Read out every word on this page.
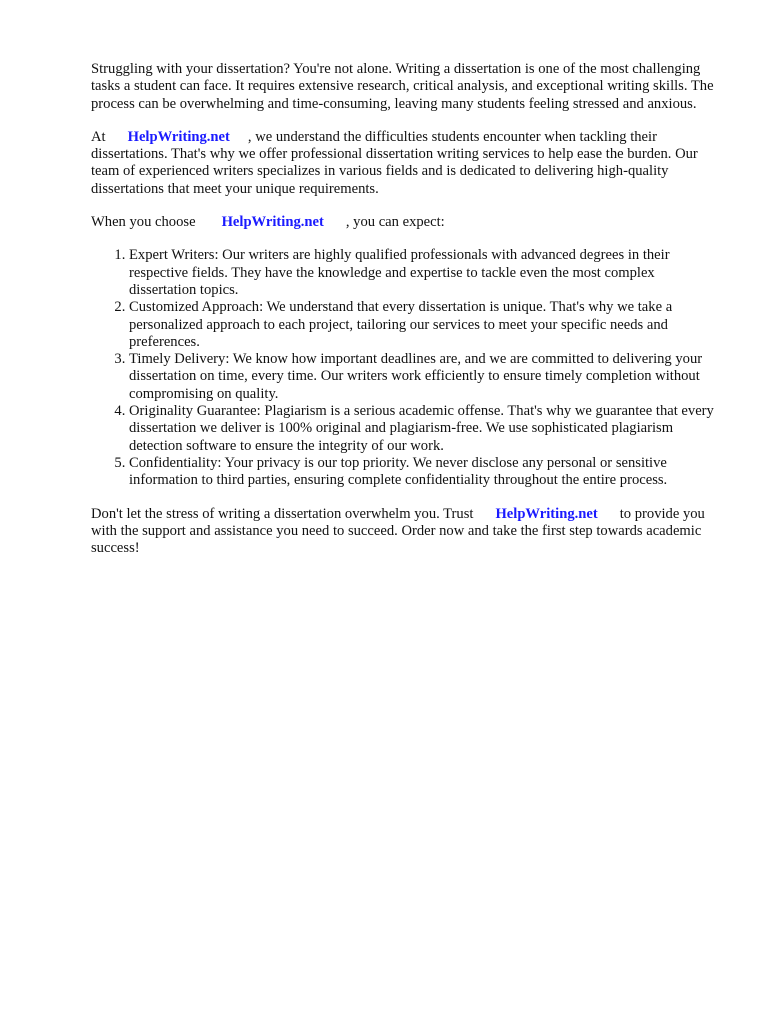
Struggling with your dissertation? You're not alone. Writing a dissertation is one of the most challenging tasks a student can face. It requires extensive research, critical analysis, and exceptional writing skills. The process can be overwhelming and time-consuming, leaving many students feeling stressed and anxious.

At HelpWriting.net , we understand the difficulties students encounter when tackling their dissertations. That's why we offer professional dissertation writing services to help ease the burden. Our team of experienced writers specializes in various fields and is dedicated to delivering high-quality dissertations that meet your unique requirements.

When you choose HelpWriting.net , you can expect:

1. Expert Writers: Our writers are highly qualified professionals with advanced degrees in their respective fields. They have the knowledge and expertise to tackle even the most complex dissertation topics.
2. Customized Approach: We understand that every dissertation is unique. That's why we take a personalized approach to each project, tailoring our services to meet your specific needs and preferences.
3. Timely Delivery: We know how important deadlines are, and we are committed to delivering your dissertation on time, every time. Our writers work efficiently to ensure timely completion without compromising on quality.
4. Originality Guarantee: Plagiarism is a serious academic offense. That's why we guarantee that every dissertation we deliver is 100% original and plagiarism-free. We use sophisticated plagiarism detection software to ensure the integrity of our work.
5. Confidentiality: Your privacy is our top priority. We never disclose any personal or sensitive information to third parties, ensuring complete confidentiality throughout the entire process.

Don't let the stress of writing a dissertation overwhelm you. Trust HelpWriting.net to provide you with the support and assistance you need to succeed. Order now and take the first step towards academic success!
